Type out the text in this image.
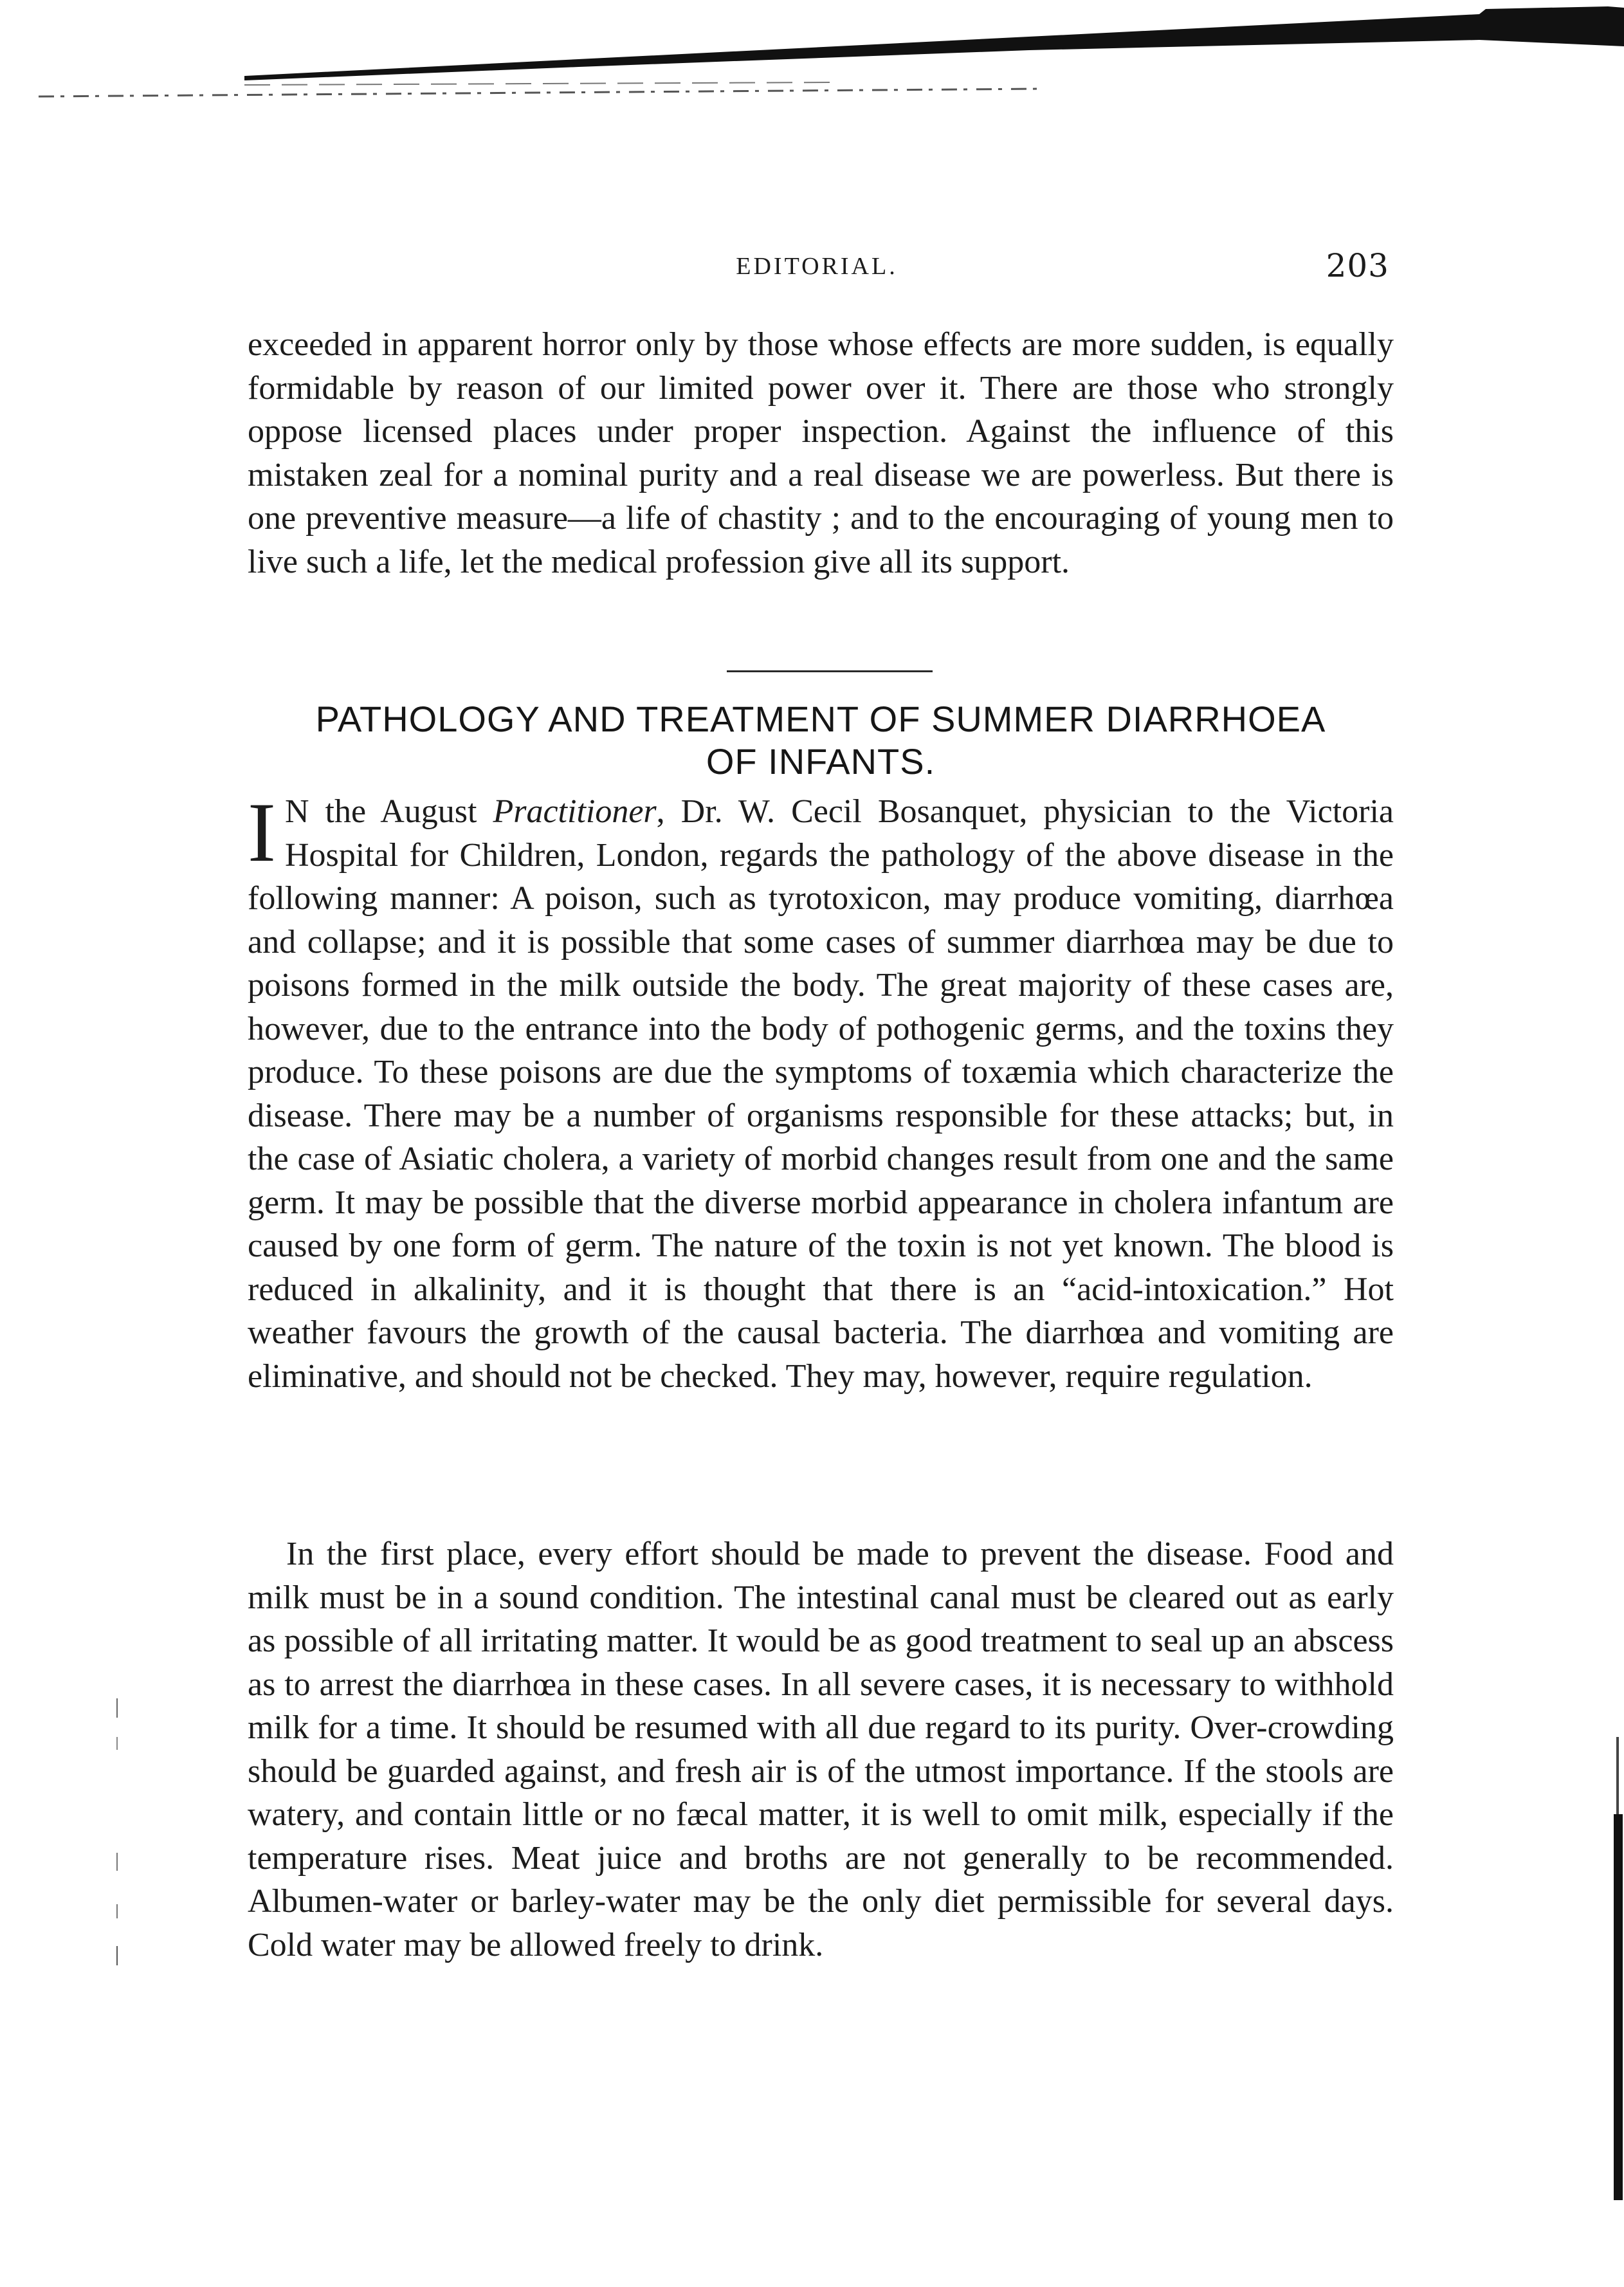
EDITORIAL.	203

exceeded in apparent horror only by those whose effects are more sudden, is equally formidable by reason of our limited power over it. There are those who strongly oppose licensed places under proper inspection. Against the influence of this mistaken zeal for a nominal purity and a real disease we are powerless. But there is one preventive measure—a life of chastity ; and to the encouraging of young men to live such a life, let the medical profession give all its support.

PATHOLOGY AND TREATMENT OF SUMMER DIARRHOEA
OF INFANTS.

I N the August Practitioner, Dr. W. Cecil Bosanquet, physician to the Victoria Hospital for Children, London, regards the pathology of the above disease in the following manner: A poison, such as tyrotoxicon, may produce vomiting, diarrhœa and collapse; and it is possible that some cases of summer diarrhœa may be due to poisons formed in the milk outside the body. The great majority of these cases are, however, due to the entrance into the body of pothogenic germs, and the toxins they produce. To these poisons are due the symptoms of toxæmia which characterize the disease. There may be a number of organisms responsible for these attacks; but, in the case of Asiatic cholera, a variety of morbid changes result from one and the same germ. It may be possible that the diverse morbid appearance in cholera infantum are caused by one form of germ. The nature of the toxin is not yet known. The blood is reduced in alkalinity, and it is thought that there is an “acid-intoxication.” Hot weather favours the growth of the causal bacteria. The diarrhœa and vomiting are eliminative, and should not be checked. They may, however, require regulation.

In the first place, every effort should be made to prevent the disease. Food and milk must be in a sound condition. The intestinal canal must be cleared out as early as possible of all irritating matter. It would be as good treatment to seal up an abscess as to arrest the diarrhœa in these cases. In all severe cases, it is necessary to withhold milk for a time. It should be resumed with all due regard to its purity. Over-crowding should be guarded against, and fresh air is of the utmost importance. If the stools are watery, and contain little or no fæcal matter, it is well to omit milk, especially if the temperature rises. Meat juice and broths are not generally to be recommended. Albumen-water or barley-water may be the only diet permissible for several days. Cold water may be allowed freely to drink.
